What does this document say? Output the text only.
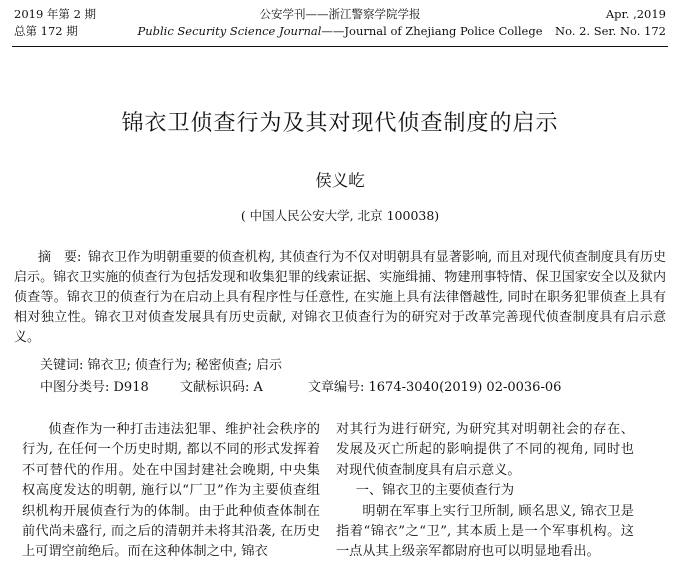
2019 年第 2 期
总第 172 期
公安学刊——浙江警察学院学报
Public Security Science Journal——Journal of Zhejiang Police College
Apr. ,2019
No. 2. Ser. No. 172
锦衣卫侦查行为及其对现代侦查制度的启示
侯义屹
( 中国人民公安大学, 北京 100038)
摘　要: 锦衣卫作为明朝重要的侦查机构, 其侦查行为不仅对明朝具有显著影响, 而且对现代侦查制度具有历史启示。锦衣卫实施的侦查行为包括发现和收集犯罪的线索证据、实施缉捕、物建刑事特情、保卫国家安全以及狱内侦查等。锦衣卫的侦查行为在启动上具有程序性与任意性, 在实施上具有法律僭越性, 同时在职务犯罪侦查上具有相对独立性。锦衣卫对侦查发展具有历史贡献, 对锦衣卫侦查行为的研究对于改革完善现代侦查制度具有启示意义。
关键词: 锦衣卫; 侦查行为; 秘密侦查; 启示
中图分类号: D918 文献标识码: A	文章编号: 1674-3040(2019) 02-0036-06

侦查作为一种打击违法犯罪、维护社会秩序的行为, 在任何一个历史时期, 都以不同的形式发挥着不可替代的作用。处在中国封建社会晚期, 中央集权高度发达的明朝, 施行以“厂卫”作为主要侦查组织机构开展侦查行为的体制。由于此种侦查体制在前代尚未盛行, 而之后的清朝并未将其沿袭, 在历史上可谓空前绝后。而在这种体制之中, 锦衣

对其行为进行研究, 为研究其对明朝社会的存在、发展及灭亡所起的影响提供了不同的视角, 同时也对现代侦查制度具有启示意义。

一、锦衣卫的主要侦查行为

明朝在军事上实行卫所制, 顾名思义, 锦衣卫是指着“锦衣”之“卫”, 其本质上是一个军事机构。这一点从其上级亲军都尉府也可以明显地看出。
